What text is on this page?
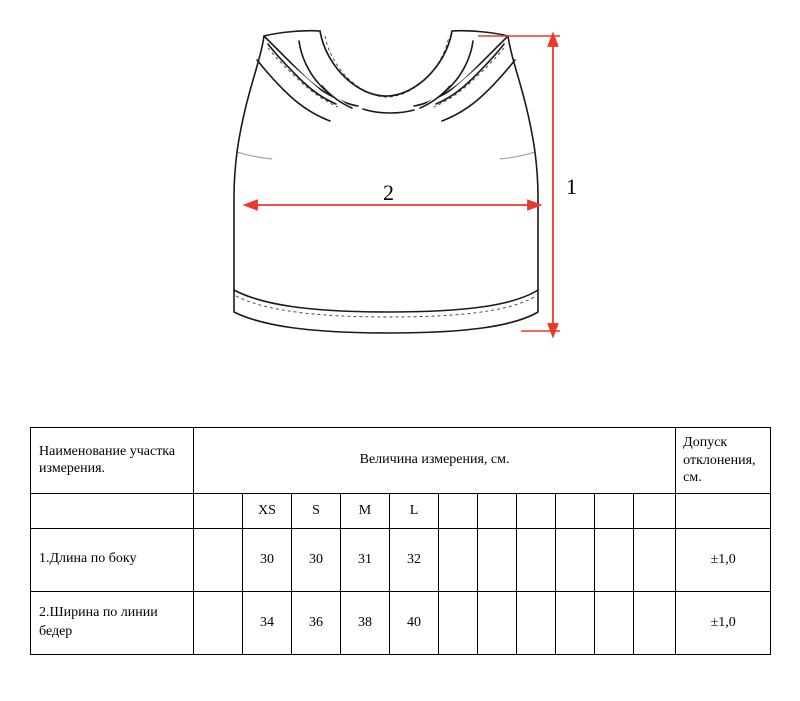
1
2
Наименование участка измерения.	Величина измерения, см.											Допуск отклонения, см.
		XS	S	M	L							
1.Длина по боку		30	30	31	32							±1,0
2.Ширина по линии бедер		34	36	38	40							±1,0
